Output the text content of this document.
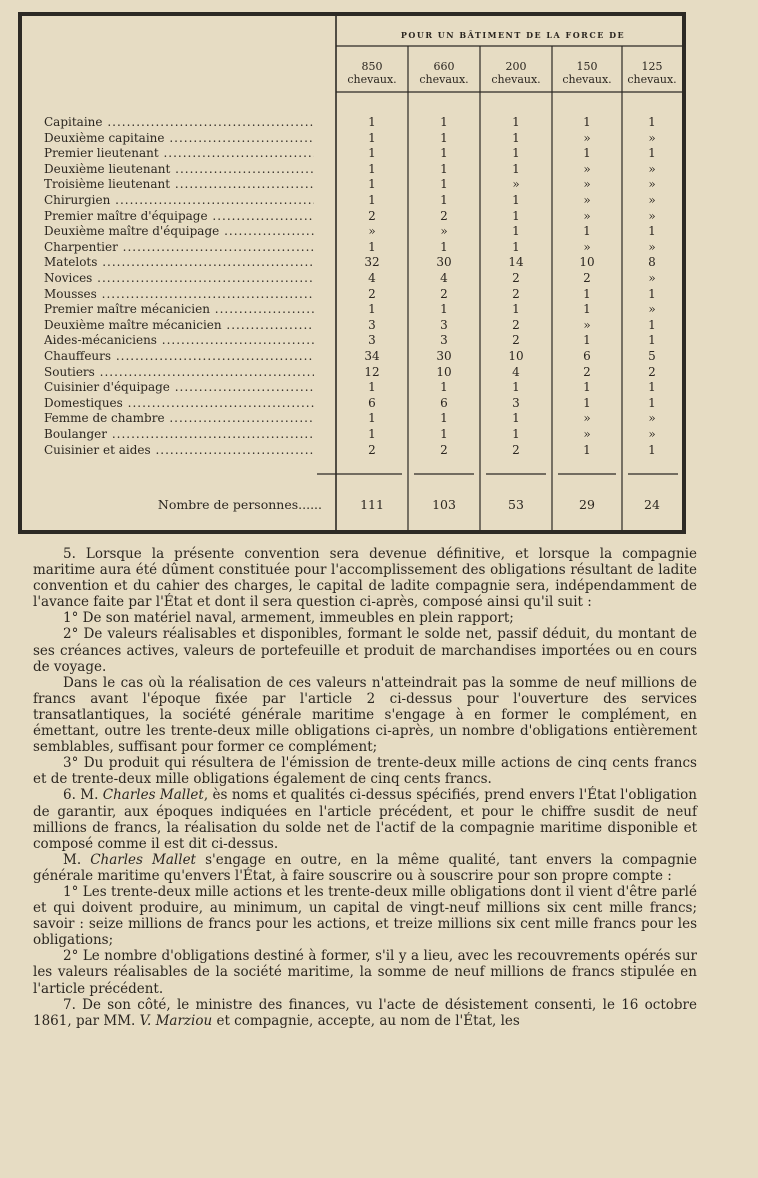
POUR UN BÂTIMENT DE LA FORCE DE
850
chevaux.
660
chevaux.
200
chevaux.
150
chevaux.
125
chevaux.
Capitaine .....	1	1	1	1	1
Deuxième capitaine .....	1	1	1	»	»
Premier lieutenant .....	1	1	1	1	1
Deuxième lieutenant .....	1	1	1	»	»
Troisième lieutenant .....	1	1	»	»	»
Chirurgien .....	1	1	1	»	»
Premier maître d'équipage .....	2	2	1	»	»
Deuxième maître d'équipage .....	»	»	1	1	1
Charpentier .....	1	1	1	»	»
Matelots .....	32	30	14	10	8
Novices .....	4	4	2	2	»
Mousses .....	2	2	2	1	1
Premier maître mécanicien .....	1	1	1	1	»
Deuxième maître mécanicien .....	3	3	2	»	1
Aides-mécaniciens .....	3	3	2	1	1
Chauffeurs .....	34	30	10	6	5
Soutiers .....	12	10	4	2	2
Cuisinier d'équipage .....	1	1	1	1	1
Domestiques .....	6	6	3	1	1
Femme de chambre .....	1	1	1	»	»
Boulanger .....	1	1	1	»	»
Cuisinier et aides .....	2	2	2	1	1
Nombre de personnes......	111	103	53	29	24

5. Lorsque la présente convention sera devenue définitive, et lorsque la compagnie maritime aura été dûment constituée pour l'accomplissement des obligations résultant de ladite convention et du cahier des charges, le capital de ladite compagnie sera, indépendamment de l'avance faite par l'État et dont il sera question ci-après, composé ainsi qu'il suit :

1° De son matériel naval, armement, immeubles en plein rapport;

2° De valeurs réalisables et disponibles, formant le solde net, passif déduit, du montant de ses créances actives, valeurs de portefeuille et produit de marchandises importées ou en cours de voyage.

Dans le cas où la réalisation de ces valeurs n'atteindrait pas la somme de neuf millions de francs avant l'époque fixée par l'article 2 ci-dessus pour l'ouverture des services transatlantiques, la société générale maritime s'engage à en former le complément, en émettant, outre les trente-deux mille obligations ci-après, un nombre d'obligations entièrement semblables, suffisant pour former ce complément;

3° Du produit qui résultera de l'émission de trente-deux mille actions de cinq cents francs et de trente-deux mille obligations également de cinq cents francs.

6. M. Charles Mallet, ès noms et qualités ci-dessus spécifiés, prend envers l'État l'obligation de garantir, aux époques indiquées en l'article précédent, et pour le chiffre susdit de neuf millions de francs, la réalisation du solde net de l'actif de la compagnie maritime disponible et composé comme il est dit ci-dessus.

M. Charles Mallet s'engage en outre, en la même qualité, tant envers la compagnie générale maritime qu'envers l'État, à faire souscrire ou à souscrire pour son propre compte :

1° Les trente-deux mille actions et les trente-deux mille obligations dont il vient d'être parlé et qui doivent produire, au minimum, un capital de vingt-neuf millions six cent mille francs; savoir : seize millions de francs pour les actions, et treize millions six cent mille francs pour les obligations;

2° Le nombre d'obligations destiné à former, s'il y a lieu, avec les recouvrements opérés sur les valeurs réalisables de la société maritime, la somme de neuf millions de francs stipulée en l'article précédent.

7. De son côté, le ministre des finances, vu l'acte de désistement consenti, le 16 octobre 1861, par MM. V. Marziou et compagnie, accepte, au nom de l'État, les
